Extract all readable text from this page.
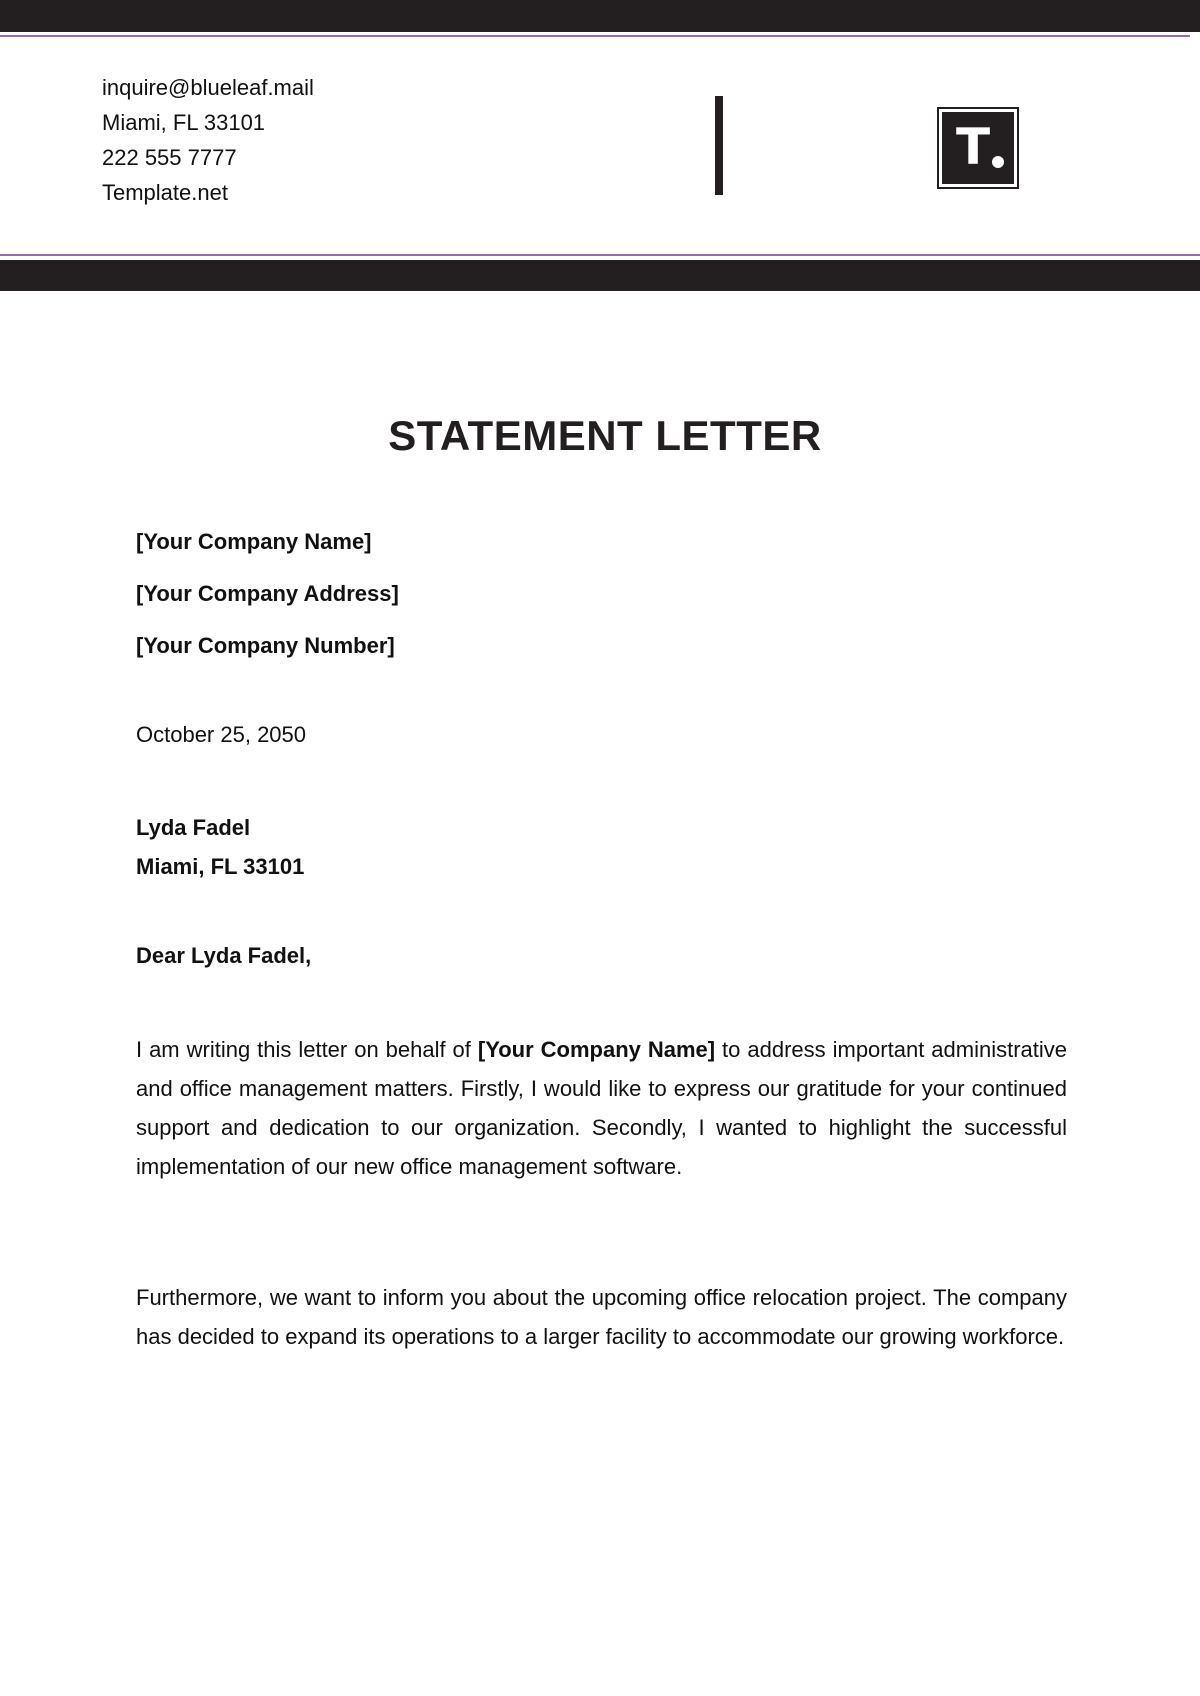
inquire@blueleaf.mail
Miami, FL 33101
222 555 7777
Template.net
T
STATEMENT LETTER
[Your Company Name]
[Your Company Address]
[Your Company Number]
October 25, 2050
Lyda Fadel
Miami, FL 33101
Dear Lyda Fadel,
I am writing this letter on behalf of [Your Company Name] to address important administrative and office management matters. Firstly, I would like to express our gratitude for your continued support and dedication to our organization. Secondly, I wanted to highlight the successful implementation of our new office management software.
Furthermore, we want to inform you about the upcoming office relocation project. The company has decided to expand its operations to a larger facility to accommodate our growing workforce.
